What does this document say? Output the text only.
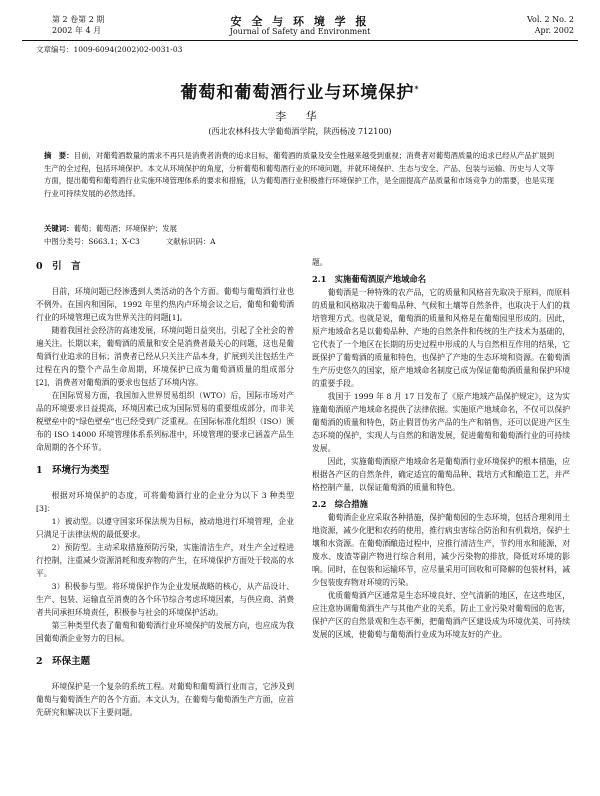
第 2 卷第 2 期
2002 年 4 月
安 全 与 环 境 学 报
Journal of Safety and Environment
Vol. 2 No. 2
Apr. 2002
文章编号：1009-6094(2002)02-0031-03
葡萄和葡萄酒行业与环境保护*
李 华
(西北农林科技大学葡萄酒学院，陕西杨凌 712100)
摘　要：目前，对葡萄酒数量的需求不再只是消费者消费的追求目标，葡萄酒的质量及安全性越来越受到重视；消费者对葡萄酒质量的追求已经从产品扩展到生产的全过程，包括环境保护。本文从环境保护的角度，分析葡萄和葡萄酒行业的环境问题，并就环境保护、生态与安全、产品、包装与运输、历史与人文等方面，提出葡萄和葡萄酒行业实施环境管理体系的要求和措施，认为葡萄酒行业积极推行环境保护工作，是全面提高产品质量和市场竞争力的需要，也是实现行业可持续发展的必然选择。
关键词：葡萄；葡萄酒；环境保护；发展
中图分类号：S663.1；X-C3	文献标识码：A
0　引　言

目前，环境问题已经渗透到人类活动的各个方面。葡萄与葡萄酒行业也不例外。在国内和国际，1992 年里约热内卢环境会议之后，葡萄和葡萄酒行业的环境管理已成为世界关注的问题[1]。

随着我国社会经济的高速发展，环境问题日益突出，引起了全社会的普遍关注。长期以来，葡萄酒的质量和安全是消费者最关心的问题，这也是葡萄酒行业追求的目标；消费者已经从只关注产品本身，扩展到关注包括生产过程在内的整个产品生命周期，环境保护已成为葡萄酒质量的组成部分[2]，消费者对葡萄酒的要求也包括了环境内容。

在国际贸易方面，我国加入世界贸易组织（WTO）后，国际市场对产品的环境要求日益提高，环境因素已成为国际贸易的重要组成部分，而非关税壁垒中的“绿色壁垒”也已经受到广泛重视。在国际标准化组织（ISO）颁布的 ISO 14000 环境管理体系系列标准中，环境管理的要求已涵盖产品生命周期的各个环节。

1　环境行为类型

根据对环境保护的态度，可将葡萄酒行业的企业分为以下 3 种类型[3]：

1）被动型。以遵守国家环保法规为目标，被动地进行环境管理，企业只满足于法律法规的最低要求。

2）预防型。主动采取措施预防污染，实施清洁生产，对生产全过程进行控制，注重减少资源消耗和废弃物的产生，在环境保护方面处于较高的水平。

3）积极参与型。将环境保护作为企业发展战略的核心，从产品设计、生产、包装、运输直至消费的各个环节综合考虑环境因素，与供应商、消费者共同承担环境责任，积极参与社会的环境保护活动。

第三种类型代表了葡萄和葡萄酒行业环境保护的发展方向，也应成为我国葡萄酒企业努力的目标。

2　环保主题

环境保护是一个复杂的系统工程。对葡萄和葡萄酒行业而言，它涉及到葡萄与葡萄酒生产的各个方面。本文认为，在葡萄与葡萄酒生产方面，应首先研究和解决以下主要问题。

题。

2.1　实施葡萄酒原产地域命名

葡萄酒是一种特殊的农产品，它的质量和风格首先取决于原料，而原料的质量和风格取决于葡萄品种、气候和土壤等自然条件，也取决于人们的栽培管理方式。也就是说，葡萄酒的质量和风格是在葡萄园里形成的。因此，原产地域命名是以葡萄品种、产地的自然条件和传统的生产技术为基础的，它代表了一个地区在长期的历史过程中形成的人与自然相互作用的结果，它既保护了葡萄酒的质量和特色，也保护了产地的生态环境和资源。在葡萄酒生产历史悠久的国家，原产地域命名制度已成为保证葡萄酒质量和保护环境的重要手段。

我国于 1999 年 8 月 17 日发布了《原产地域产品保护规定》，这为实施葡萄酒原产地域命名提供了法律依据。实施原产地域命名，不仅可以保护葡萄酒的质量和特色，防止假冒伪劣产品的生产和销售，还可以促进产区生态环境的保护，实现人与自然的和谐发展，促进葡萄和葡萄酒行业的可持续发展。

因此，实施葡萄酒原产地域命名是葡萄酒行业环境保护的根本措施，应根据各产区的自然条件，确定适宜的葡萄品种、栽培方式和酿造工艺，并严格控制产量，以保证葡萄酒的质量和特色。

2.2　综合措施

葡萄酒企业应采取各种措施，保护葡萄园的生态环境，包括合理利用土地资源，减少化肥和农药的使用，推行病虫害综合防治和有机栽培，保护土壤和水资源。在葡萄酒酿造过程中，应推行清洁生产，节约用水和能源，对废水、废渣等副产物进行综合利用，减少污染物的排放，降低对环境的影响。同时，在包装和运输环节，应尽量采用可回收和可降解的包装材料，减少包装废弃物对环境的污染。

优质葡萄酒产区通常是生态环境良好、空气清新的地区，在这些地区，应注意协调葡萄酒生产与其他产业的关系，防止工业污染对葡萄园的危害，保护产区的自然景观和生态平衡，把葡萄酒产区建设成为环境优美、可持续发展的区域，使葡萄与葡萄酒行业成为环境友好的产业。
